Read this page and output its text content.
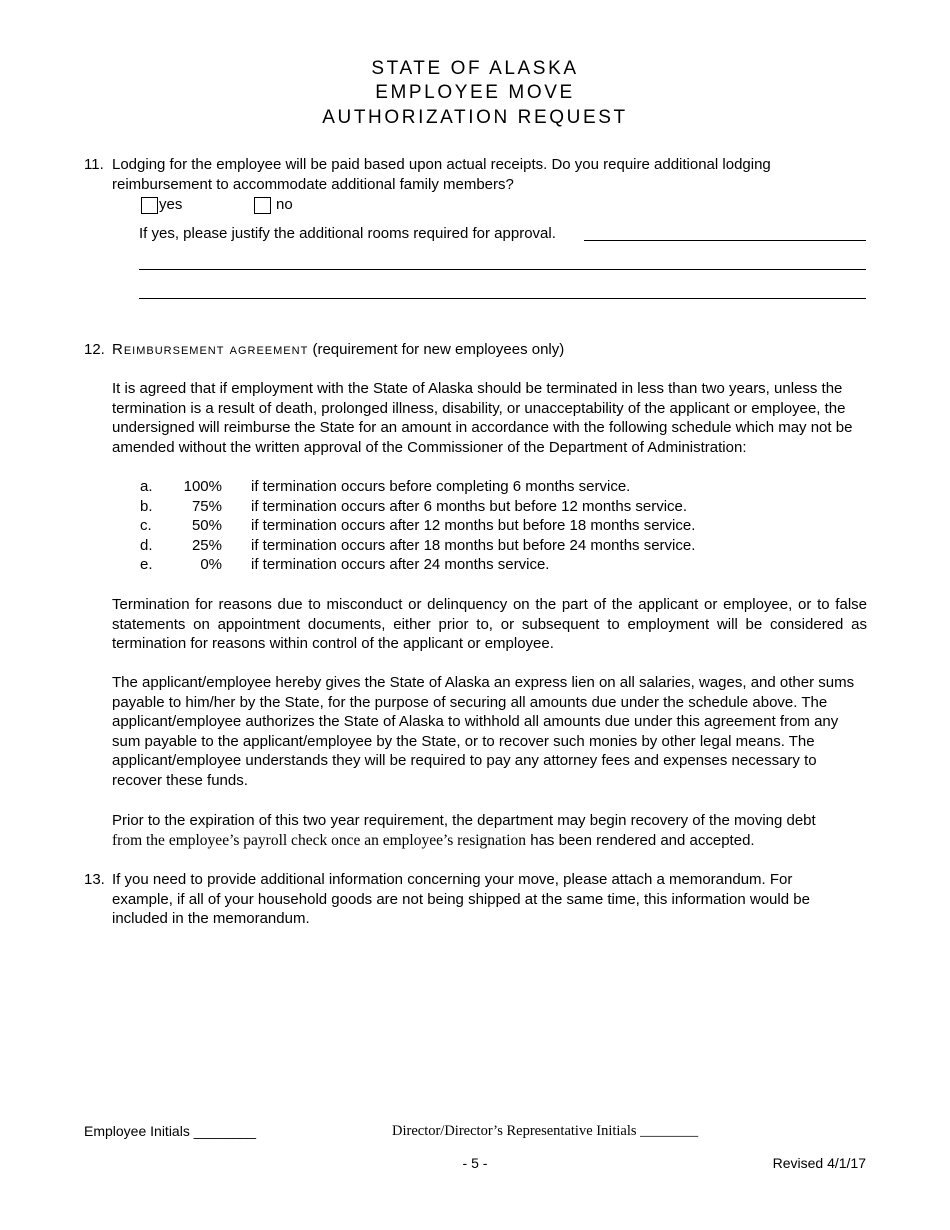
STATE OF ALASKA
EMPLOYEE MOVE
AUTHORIZATION REQUEST
11. Lodging for the employee will be paid based upon actual receipts. Do you require additional lodging reimbursement to accommodate additional family members?
yes	no
If yes, please justify the additional rooms required for approval.
12. Reimbursement agreement (requirement for new employees only)
It is agreed that if employment with the State of Alaska should be terminated in less than two years, unless the termination is a result of death, prolonged illness, disability, or unacceptability of the applicant or employee, the undersigned will reimburse the State for an amount in accordance with the following schedule which may not be amended without the written approval of the Commissioner of the Department of Administration:
a.	100% if termination occurs before completing 6 months service.
b.	75% if termination occurs after 6 months but before 12 months service.
c.	50% if termination occurs after 12 months but before 18 months service.
d.	25% if termination occurs after 18 months but before 24 months service.
e.	0% if termination occurs after 24 months service.
Termination for reasons due to misconduct or delinquency on the part of the applicant or employee, or to false statements on appointment documents, either prior to, or subsequent to employment will be considered as termination for reasons within control of the applicant or employee.
The applicant/employee hereby gives the State of Alaska an express lien on all salaries, wages, and other sums payable to him/her by the State, for the purpose of securing all amounts due under the schedule above. The applicant/employee authorizes the State of Alaska to withhold all amounts due under this agreement from any sum payable to the applicant/employee by the State, or to recover such monies by other legal means. The applicant/employee understands they will be required to pay any attorney fees and expenses necessary to recover these funds.
Prior to the expiration of this two year requirement, the department may begin recovery of the moving debt
from the employee’s payroll check once an employee’s resignation has been rendered and accepted.
13. If you need to provide additional information concerning your move, please attach a memorandum. For example, if all of your household goods are not being shipped at the same time, this information would be included in the memorandum.
Employee Initials ________	Director/Director’s Representative Initials ________
- 5 -	Revised 4/1/17
